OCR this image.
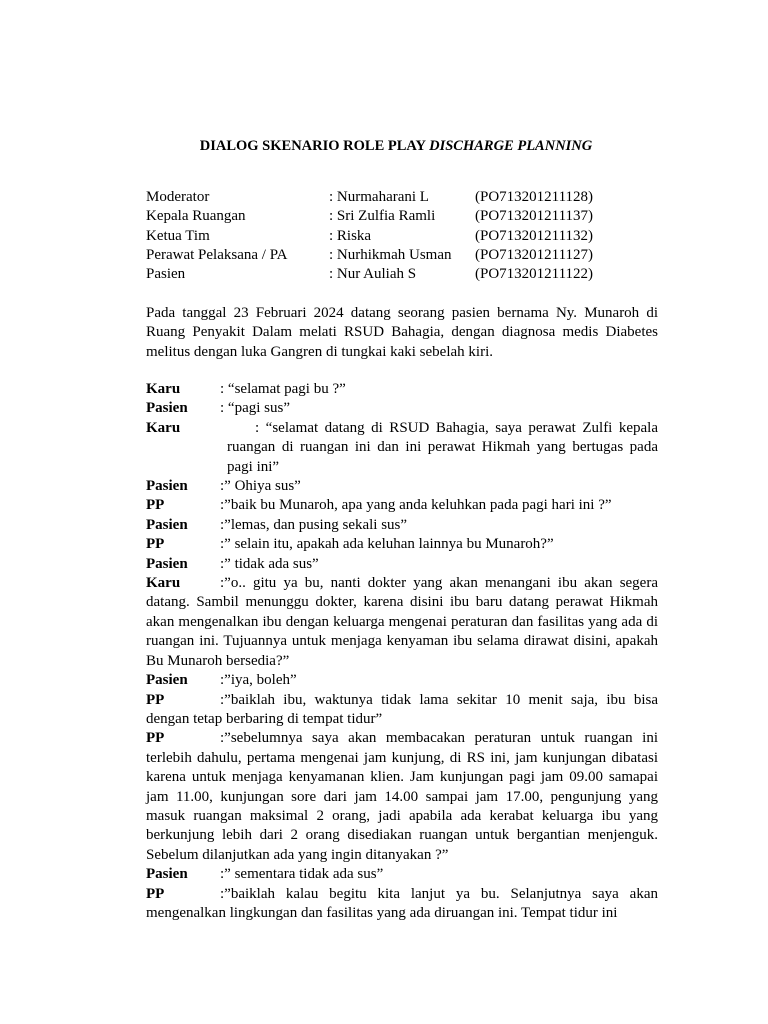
DIALOG SKENARIO ROLE PLAY DISCHARGE PLANNING
Moderator	: Nurmaharani L	(PO713201211128)
Kepala Ruangan	: Sri Zulfia Ramli	(PO713201211137)
Ketua Tim	: Riska	(PO713201211132)
Perawat Pelaksana / PA	: Nurhikmah Usman (PO713201211127)
Pasien	: Nur Auliah S	(PO713201211122)

Pada tanggal 23 Februari 2024 datang seorang pasien bernama Ny. Munaroh di Ruang Penyakit Dalam melati RSUD Bahagia, dengan diagnosa medis Diabetes melitus dengan luka Gangren di tungkai kaki sebelah kiri.

Karu	: “selamat pagi bu ?”
Pasien	: “pagi sus”
Karu	: “selamat datang di RSUD Bahagia, saya perawat Zulfi kepala ruangan di ruangan ini dan ini perawat Hikmah yang bertugas pada pagi ini”
Pasien	:” Ohiya sus”
PP	:”baik bu Munaroh, apa yang anda keluhkan pada pagi hari ini ?”
Pasien	:”lemas, dan pusing sekali sus”
PP	:” selain itu, apakah ada keluhan lainnya bu Munaroh?”
Pasien	:” tidak ada sus”
Karu	:”o.. gitu ya bu, nanti dokter yang akan menangani ibu akan segera datang. Sambil menunggu dokter, karena disini ibu baru datang perawat Hikmah akan mengenalkan ibu dengan keluarga mengenai peraturan dan fasilitas yang ada di ruangan ini. Tujuannya untuk menjaga kenyaman ibu selama dirawat disini, apakah Bu Munaroh bersedia?”
Pasien	:”iya, boleh”
PP	:”baiklah ibu, waktunya tidak lama sekitar 10 menit saja, ibu bisa dengan tetap berbaring di tempat tidur”
PP	:”sebelumnya saya akan membacakan peraturan untuk ruangan ini terlebih dahulu, pertama mengenai jam kunjung, di RS ini, jam kunjungan dibatasi karena untuk menjaga kenyamanan klien. Jam kunjungan pagi jam 09.00 samapai jam 11.00, kunjungan sore dari jam 14.00 sampai jam 17.00, pengunjung yang masuk ruangan maksimal 2 orang, jadi apabila ada kerabat keluarga ibu yang berkunjung lebih dari 2 orang disediakan ruangan untuk bergantian menjenguk. Sebelum dilanjutkan ada yang ingin ditanyakan ?”
Pasien	:” sementara tidak ada sus”
PP	:”baiklah kalau begitu kita lanjut ya bu. Selanjutnya saya akan mengenalkan lingkungan dan fasilitas yang ada diruangan ini. Tempat tidur ini
